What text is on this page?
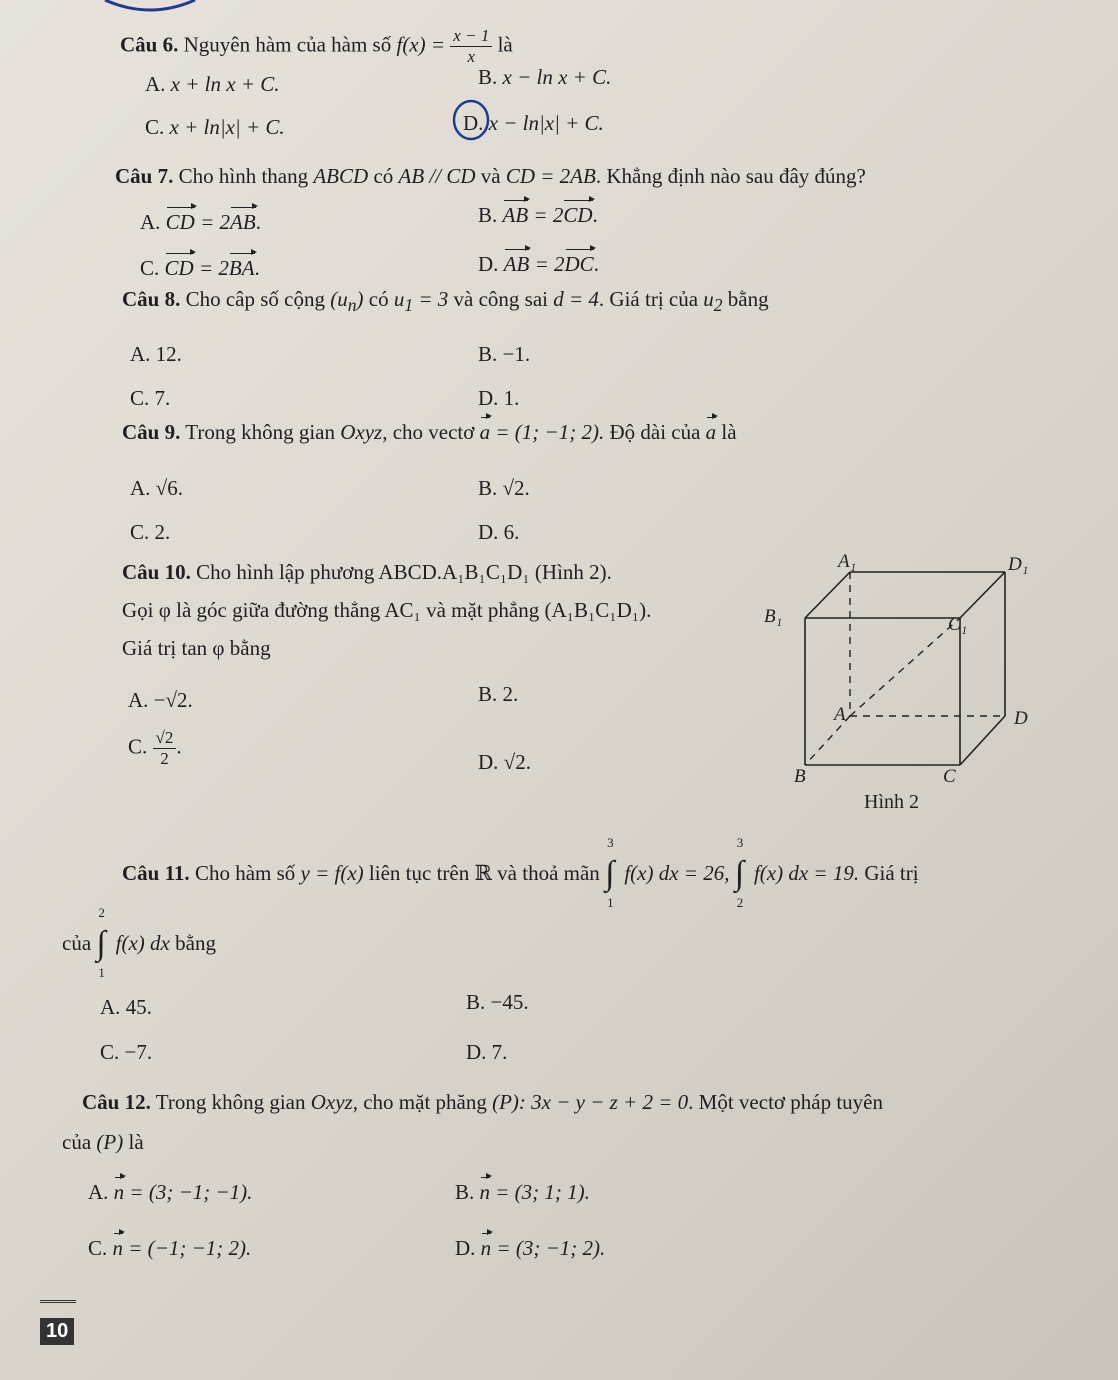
Câu 6. Nguyên hàm của hàm số $f(x) = \frac{x - 1}{x}$ là
A. x + ln x + C.	B. x − ln x + C.
C. x + ln|x| + C.	D. x − ln|x| + C.
Câu 7. Cho hình thang ABCD có AB // CD và CD = 2AB. Khẳng định nào sau đây đúng?
A. CD = 2AB.	B. AB = 2CD.
C. CD = 2BA.	D. AB = 2DC.
Câu 8. Cho câp số cộng $(u_n)$ có $u_1 = 3$ và công sai d = 4. Giá trị của $u_2$ bằng
A. 12.	B. −1.
C. 7.	D. 1.
Câu 9. Trong không gian Oxyz, cho vectơ a = (1; −1; 2). Độ dài của a là
A. √6.	B. √2.
C. 2.	D. 6.
Câu 10. Cho hình lập phương ABCD.A₁B₁C₁D₁ (Hình 2).
Gọi φ là góc giữa đường thẳng AC₁ và mặt phẳng (A₁B₁C₁D₁).
Giá trị tan φ bằng
A. −√2.	B. 2.
C. $\frac{√2}{2}$ .
D. √2.
A₁	D₁
B₁	C₁
A	D
B	C
Hình 2
Câu 11. Cho hàm số y = f(x) liên tục trên ℝ và thoả mãn
3
∫
1
f(x) dx = 26,
3
∫
2
f(x) dx = 19. Giá trị
của
2
∫
1
f(x) dx bằng
A. 45.	B. −45.
C. −7.	D. 7.
Câu 12. Trong không gian Oxyz, cho mặt phăng (P): 3x − y − z + 2 = 0. Một vectơ pháp tuyên
của (P) là
A. n = (3; −1; −1).	B. n = (3; 1; 1).
C. n = (−1; −1; 2).	D. n = (3; −1; 2).
10
